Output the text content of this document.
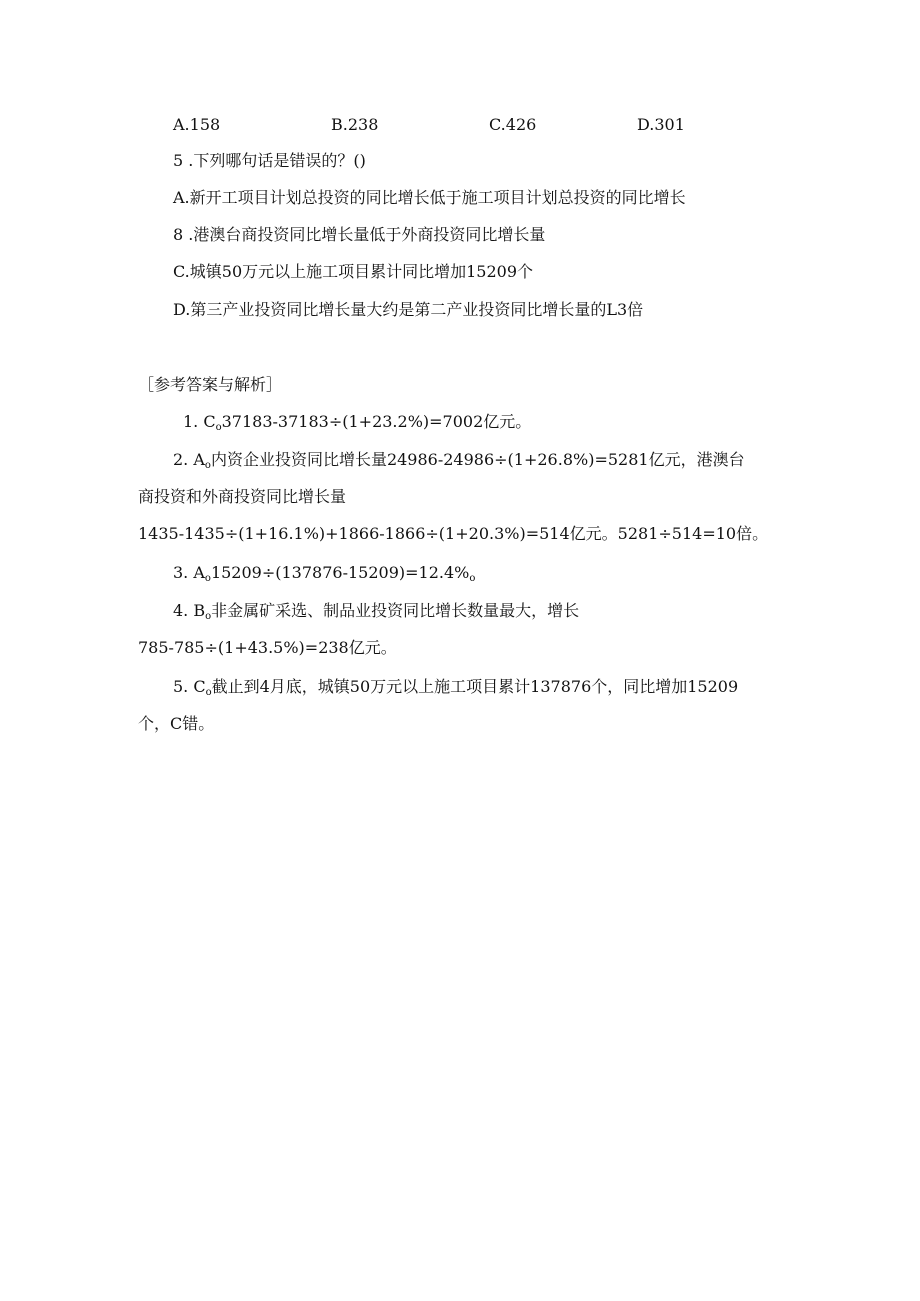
A.158	B.238	C.426	D.301
5 .下列哪句话是错误的？()
A.新开工项目计划总投资的同比增长低于施工项目计划总投资的同比增长
8 .港澳台商投资同比增长量低于外商投资同比增长量
C.城镇50万元以上施工项目累计同比增加15209个
D.第三产业投资同比增长量大约是第二产业投资同比增长量的L3倍
［参考答案与解析］
1. $C_o37183-37183\div(1+23.2\%)=7002$亿元。
2. $A_o$内资企业投资同比增长量24986-24986÷(1+26.8%)=5281亿元，港澳台
商投资和外商投资同比增长量
1435-1435÷(1+16.1%)+1866-1866÷(1+20.3%)=514亿元。5281÷514=10倍。
3. $A_o15209\div(137876-15209)=12.4\%_o$
4. $B_o$非金属矿采选、制品业投资同比增长数量最大，增长
785-785÷(1+43.5%)=238亿元。
5. $C_o$截止到4月底，城镇50万元以上施工项目累计137876个，同比增加15209
个，C错。
